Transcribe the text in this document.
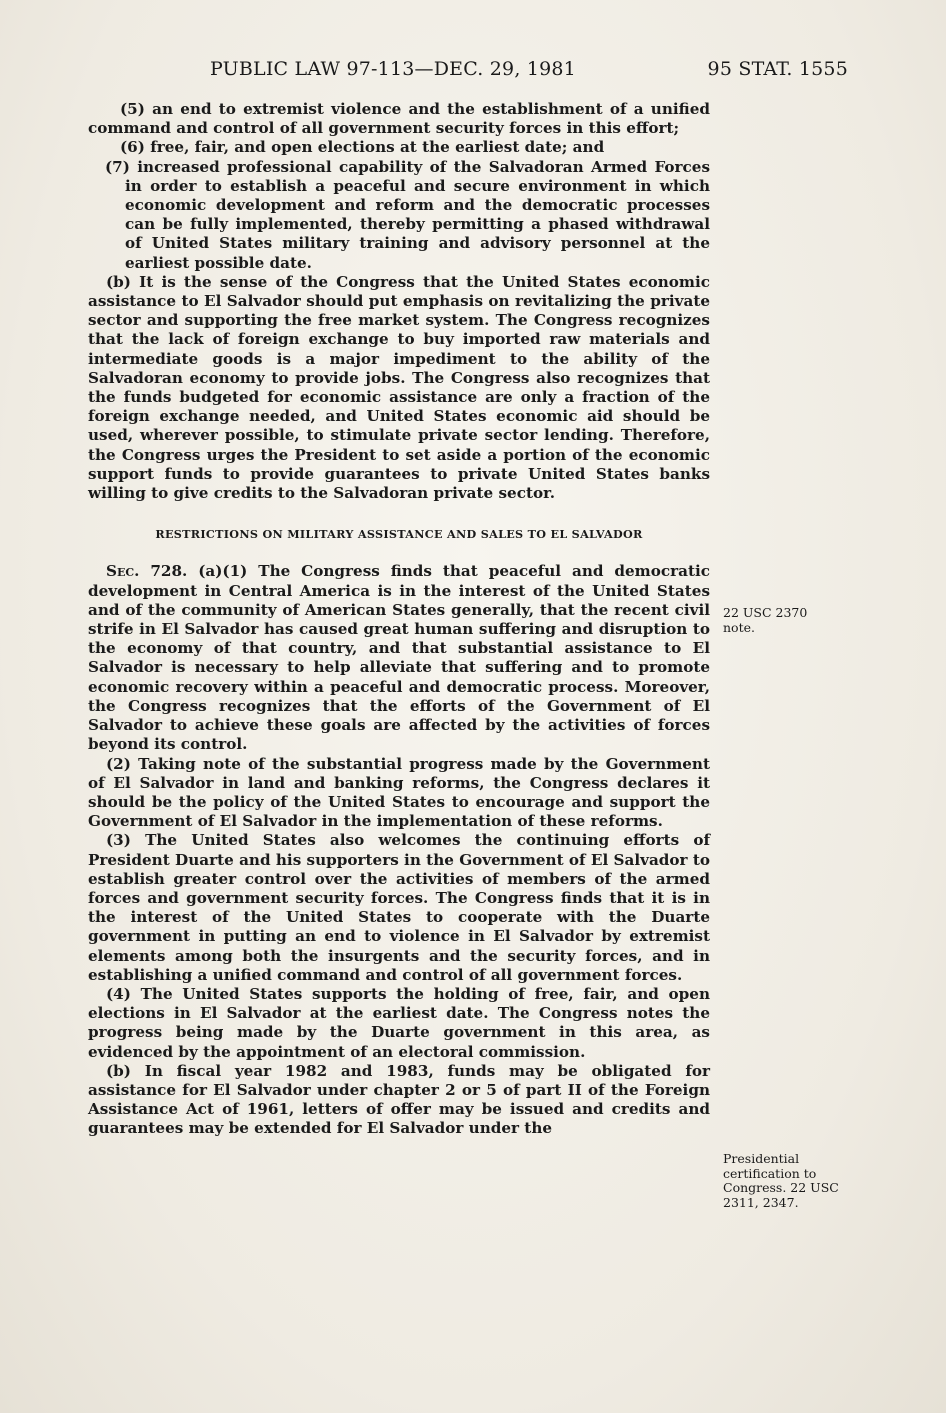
PUBLIC LAW 97-113—DEC. 29, 1981	95 STAT. 1555

(5) an end to extremist violence and the establishment of a unified command and control of all government security forces in this effort;

(6) free, fair, and open elections at the earliest date; and

(7) increased professional capability of the Salvadoran Armed Forces in order to establish a peaceful and secure environment in which economic development and reform and the democratic processes can be fully implemented, thereby permitting a phased withdrawal of United States military training and advisory personnel at the earliest possible date.

(b) It is the sense of the Congress that the United States economic assistance to El Salvador should put emphasis on revitalizing the private sector and supporting the free market system. The Congress recognizes that the lack of foreign exchange to buy imported raw materials and intermediate goods is a major impediment to the ability of the Salvadoran economy to provide jobs. The Congress also recognizes that the funds budgeted for economic assistance are only a fraction of the foreign exchange needed, and United States economic aid should be used, wherever possible, to stimulate private sector lending. Therefore, the Congress urges the President to set aside a portion of the economic support funds to provide guarantees to private United States banks willing to give credits to the Salvadoran private sector.

RESTRICTIONS ON MILITARY ASSISTANCE AND SALES TO EL SALVADOR

Sec. 728. (a)(1) The Congress finds that peaceful and democratic development in Central America is in the interest of the United States and of the community of American States generally, that the recent civil strife in El Salvador has caused great human suffering and disruption to the economy of that country, and that substantial assistance to El Salvador is necessary to help alleviate that suffering and to promote economic recovery within a peaceful and democratic process. Moreover, the Congress recognizes that the efforts of the Government of El Salvador to achieve these goals are affected by the activities of forces beyond its control.

(2) Taking note of the substantial progress made by the Government of El Salvador in land and banking reforms, the Congress declares it should be the policy of the United States to encourage and support the Government of El Salvador in the implementation of these reforms.

(3) The United States also welcomes the continuing efforts of President Duarte and his supporters in the Government of El Salvador to establish greater control over the activities of members of the armed forces and government security forces. The Congress finds that it is in the interest of the United States to cooperate with the Duarte government in putting an end to violence in El Salvador by extremist elements among both the insurgents and the security forces, and in establishing a unified command and control of all government forces.

(4) The United States supports the holding of free, fair, and open elections in El Salvador at the earliest date. The Congress notes the progress being made by the Duarte government in this area, as evidenced by the appointment of an electoral commission.

(b) In fiscal year 1982 and 1983, funds may be obligated for assistance for El Salvador under chapter 2 or 5 of part II of the Foreign Assistance Act of 1961, letters of offer may be issued and credits and guarantees may be extended for El Salvador under the

22 USC 2370 note.
Presidential certification to Congress. 22 USC 2311, 2347.
